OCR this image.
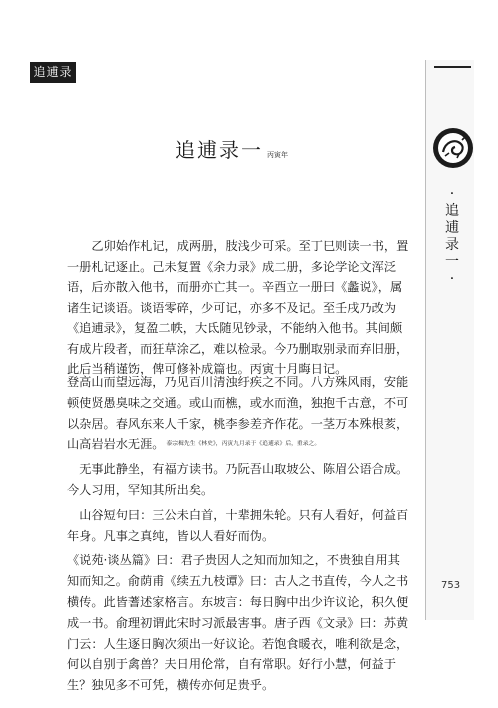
追逋录
·
追
逋
录
一
·
753
追逋录一 丙寅年

乙卯始作札记，成两册，肢浅少可采。至丁巳则读一书，置一册札记逐止。己未复置《余力录》成二册，多论学论文浑泛语，后亦散入他书，而册亦亡其一。辛酉立一册曰《蠡说》，属诸生记谈语。谈语零碎，少可记，亦多不及记。至壬戌乃改为《追逋录》，复盈二帙，大氐随见钞录，不能纳入他书。其间颇有成片段者，而狂草涂乙，难以检录。今乃删取别录而弃旧册，此后当稍谨饬，俾可修补成篇也。丙寅十月晦日记。

登高山而望远海，乃见百川清浊纡疾之不同。八方殊风雨，安能顿使贤愚臭味之交通。或山而樵，或水而渔，独抱千古意，不可以杂居。春风东来人千家，桃李参差齐作花。一茎万本殊根荄，山高岩岩水无涯。 泰宗楫先生《林史》，丙寅九月录于《追逋录》后，重录之。

无事此静坐，有福方读书。乃阮吾山取坡公、陈眉公语合成。今人习用，罕知其所出矣。

山谷短句曰：三公未白首，十辈拥朱轮。只有人看好，何益百年身。凡事之真纯，皆以人看好而伪。

《说苑·谈丛篇》曰：君子贵因人之知而加知之，不贵独自用其知而知之。俞荫甫《续五九枝谭》曰：古人之书直传，今人之书横传。此皆蓍述家格言。东坡言：每日胸中出少许议论，积久便成一书。俞理初谓此宋时习派最害事。唐子西《文录》曰：苏黄门云：人生逐日胸次须出一好议论。若饱食暖衣，唯利欲是念，何以自别于禽兽？夫日用伦常，自有常职。好行小慧，何益于生？独见多不可凭，横传亦何足贵乎。
